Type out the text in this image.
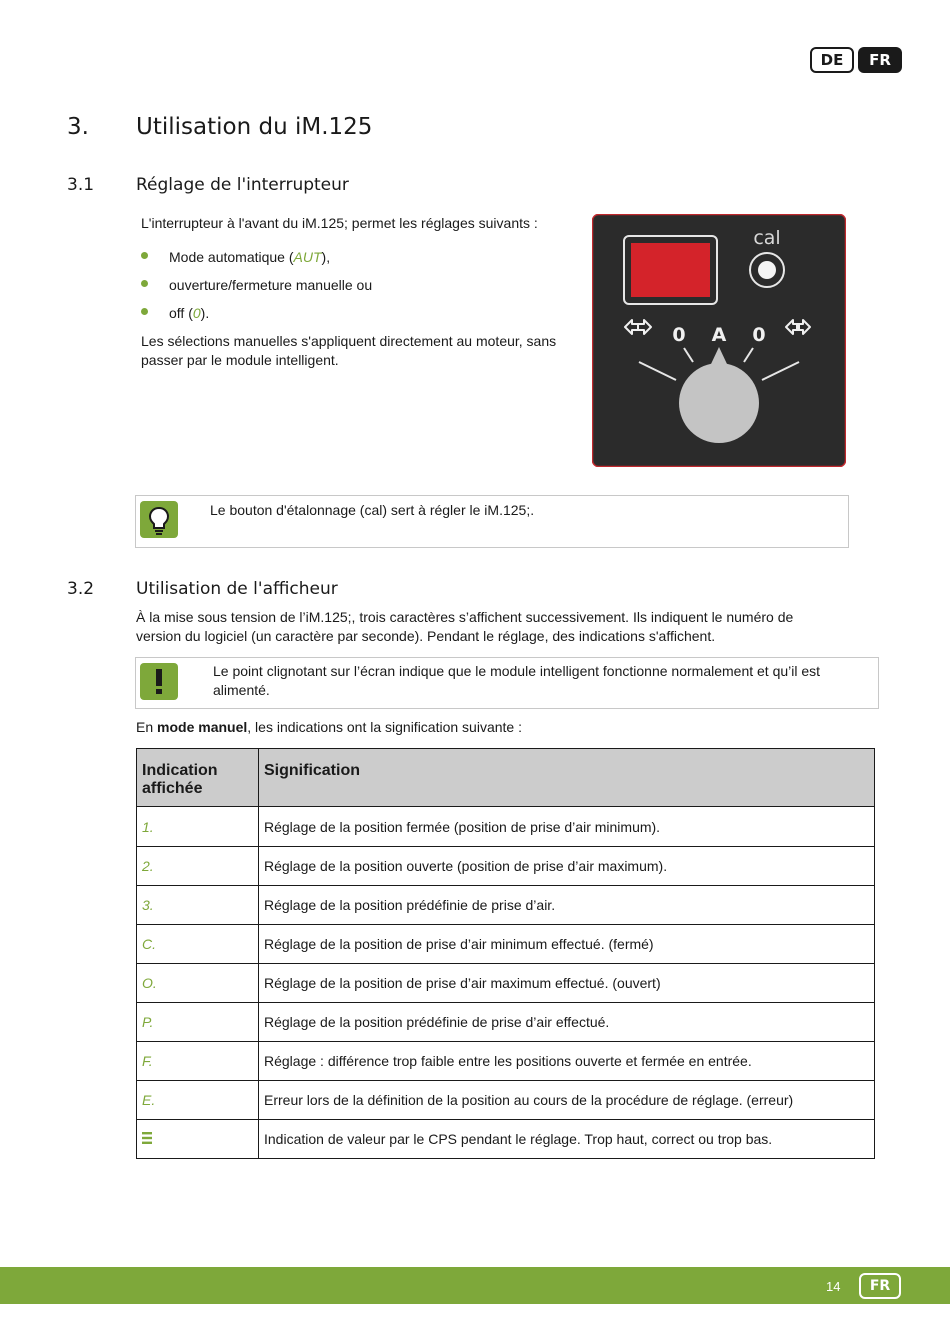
DE	FR
3. Utilisation du iM.125
3.1 Réglage de l'interrupteur
L'interrupteur à l'avant du iM.125; permet les réglages suivants :
Mode automatique (AUT),
ouverture/fermeture manuelle ou
off (0).
Les sélections manuelles s'appliquent directement au moteur, sans
passer par le module intelligent.
cal
0 A 0
Le bouton d'étalonnage (cal) sert à régler le iM.125;.
3.2 Utilisation de l'afficheur
À la mise sous tension de l’iM.125;, trois caractères s’affichent successivement. Ils indiquent le numéro de
version du logiciel (un caractère par seconde). Pendant le réglage, des indications s'affichent.
Le point clignotant sur l’écran indique que le module intelligent fonctionne normalement et qu’il est
alimenté.
En mode manuel, les indications ont la signification suivante :
Indication
affichée	Signification
1.	Réglage de la position fermée (position de prise d’air minimum).
2.	Réglage de la position ouverte (position de prise d’air maximum).
3.	Réglage de la position prédéfinie de prise d’air.
C.	Réglage de la position de prise d’air minimum effectué. (fermé)
O.	Réglage de la position de prise d’air maximum effectué. (ouvert)
P.	Réglage de la position prédéfinie de prise d’air effectué.
F.	Réglage : différence trop faible entre les positions ouverte et fermée en entrée.
E.	Erreur lors de la définition de la position au cours de la procédure de réglage. (erreur)
	Indication de valeur par le CPS pendant le réglage. Trop haut, correct ou trop bas.
14	FR
